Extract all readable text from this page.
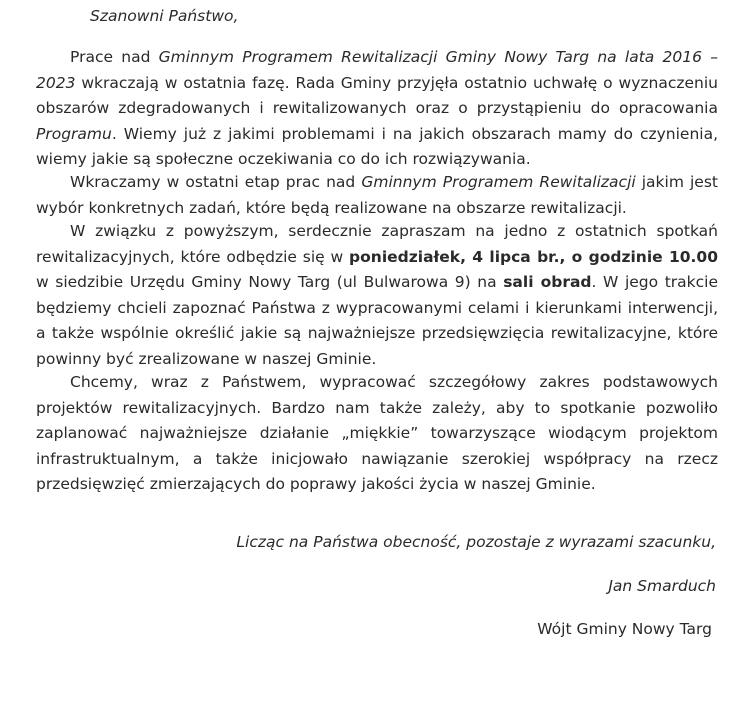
Szanowni Państwo,

Prace nad Gminnym Programem Rewitalizacji Gminy Nowy Targ na lata 2016 – 2023 wkraczają w ostatnia fazę. Rada Gminy przyjęła ostatnio uchwałę o wyznaczeniu obszarów zdegradowanych i rewitalizowanych oraz o przystąpieniu do opracowania Programu. Wiemy już z jakimi problemami i na jakich obszarach mamy do czynienia, wiemy jakie są społeczne oczekiwania co do ich rozwiązywania.

Wkraczamy w ostatni etap prac nad Gminnym Programem Rewitalizacji jakim jest wybór konkretnych zadań, które będą realizowane na obszarze rewitalizacji.

W związku z powyższym, serdecznie zapraszam na jedno z ostatnich spotkań rewitalizacyjnych, które odbędzie się w poniedziałek, 4 lipca br., o godzinie 10.00 w siedzibie Urzędu Gminy Nowy Targ (ul Bulwarowa 9) na sali obrad. W jego trakcie będziemy chcieli zapoznać Państwa z wypracowanymi celami i kierunkami interwencji, a także wspólnie określić jakie są najważniejsze przedsięwzięcia rewitalizacyjne, które powinny być zrealizowane w naszej Gminie.

Chcemy, wraz z Państwem, wypracować szczegółowy zakres podstawowych projektów rewitalizacyjnych. Bardzo nam także zależy, aby to spotkanie pozwoliło zaplanować najważniejsze działanie „miękkie” towarzyszące wiodącym projektom infrastruktualnym, a także inicjowało nawiązanie szerokiej współpracy na rzecz przedsięwzięć zmierzających do poprawy jakości życia w naszej Gminie.

Licząc na Państwa obecność, pozostaje z wyrazami szacunku,
Jan Smarduch
Wójt Gminy Nowy Targ
